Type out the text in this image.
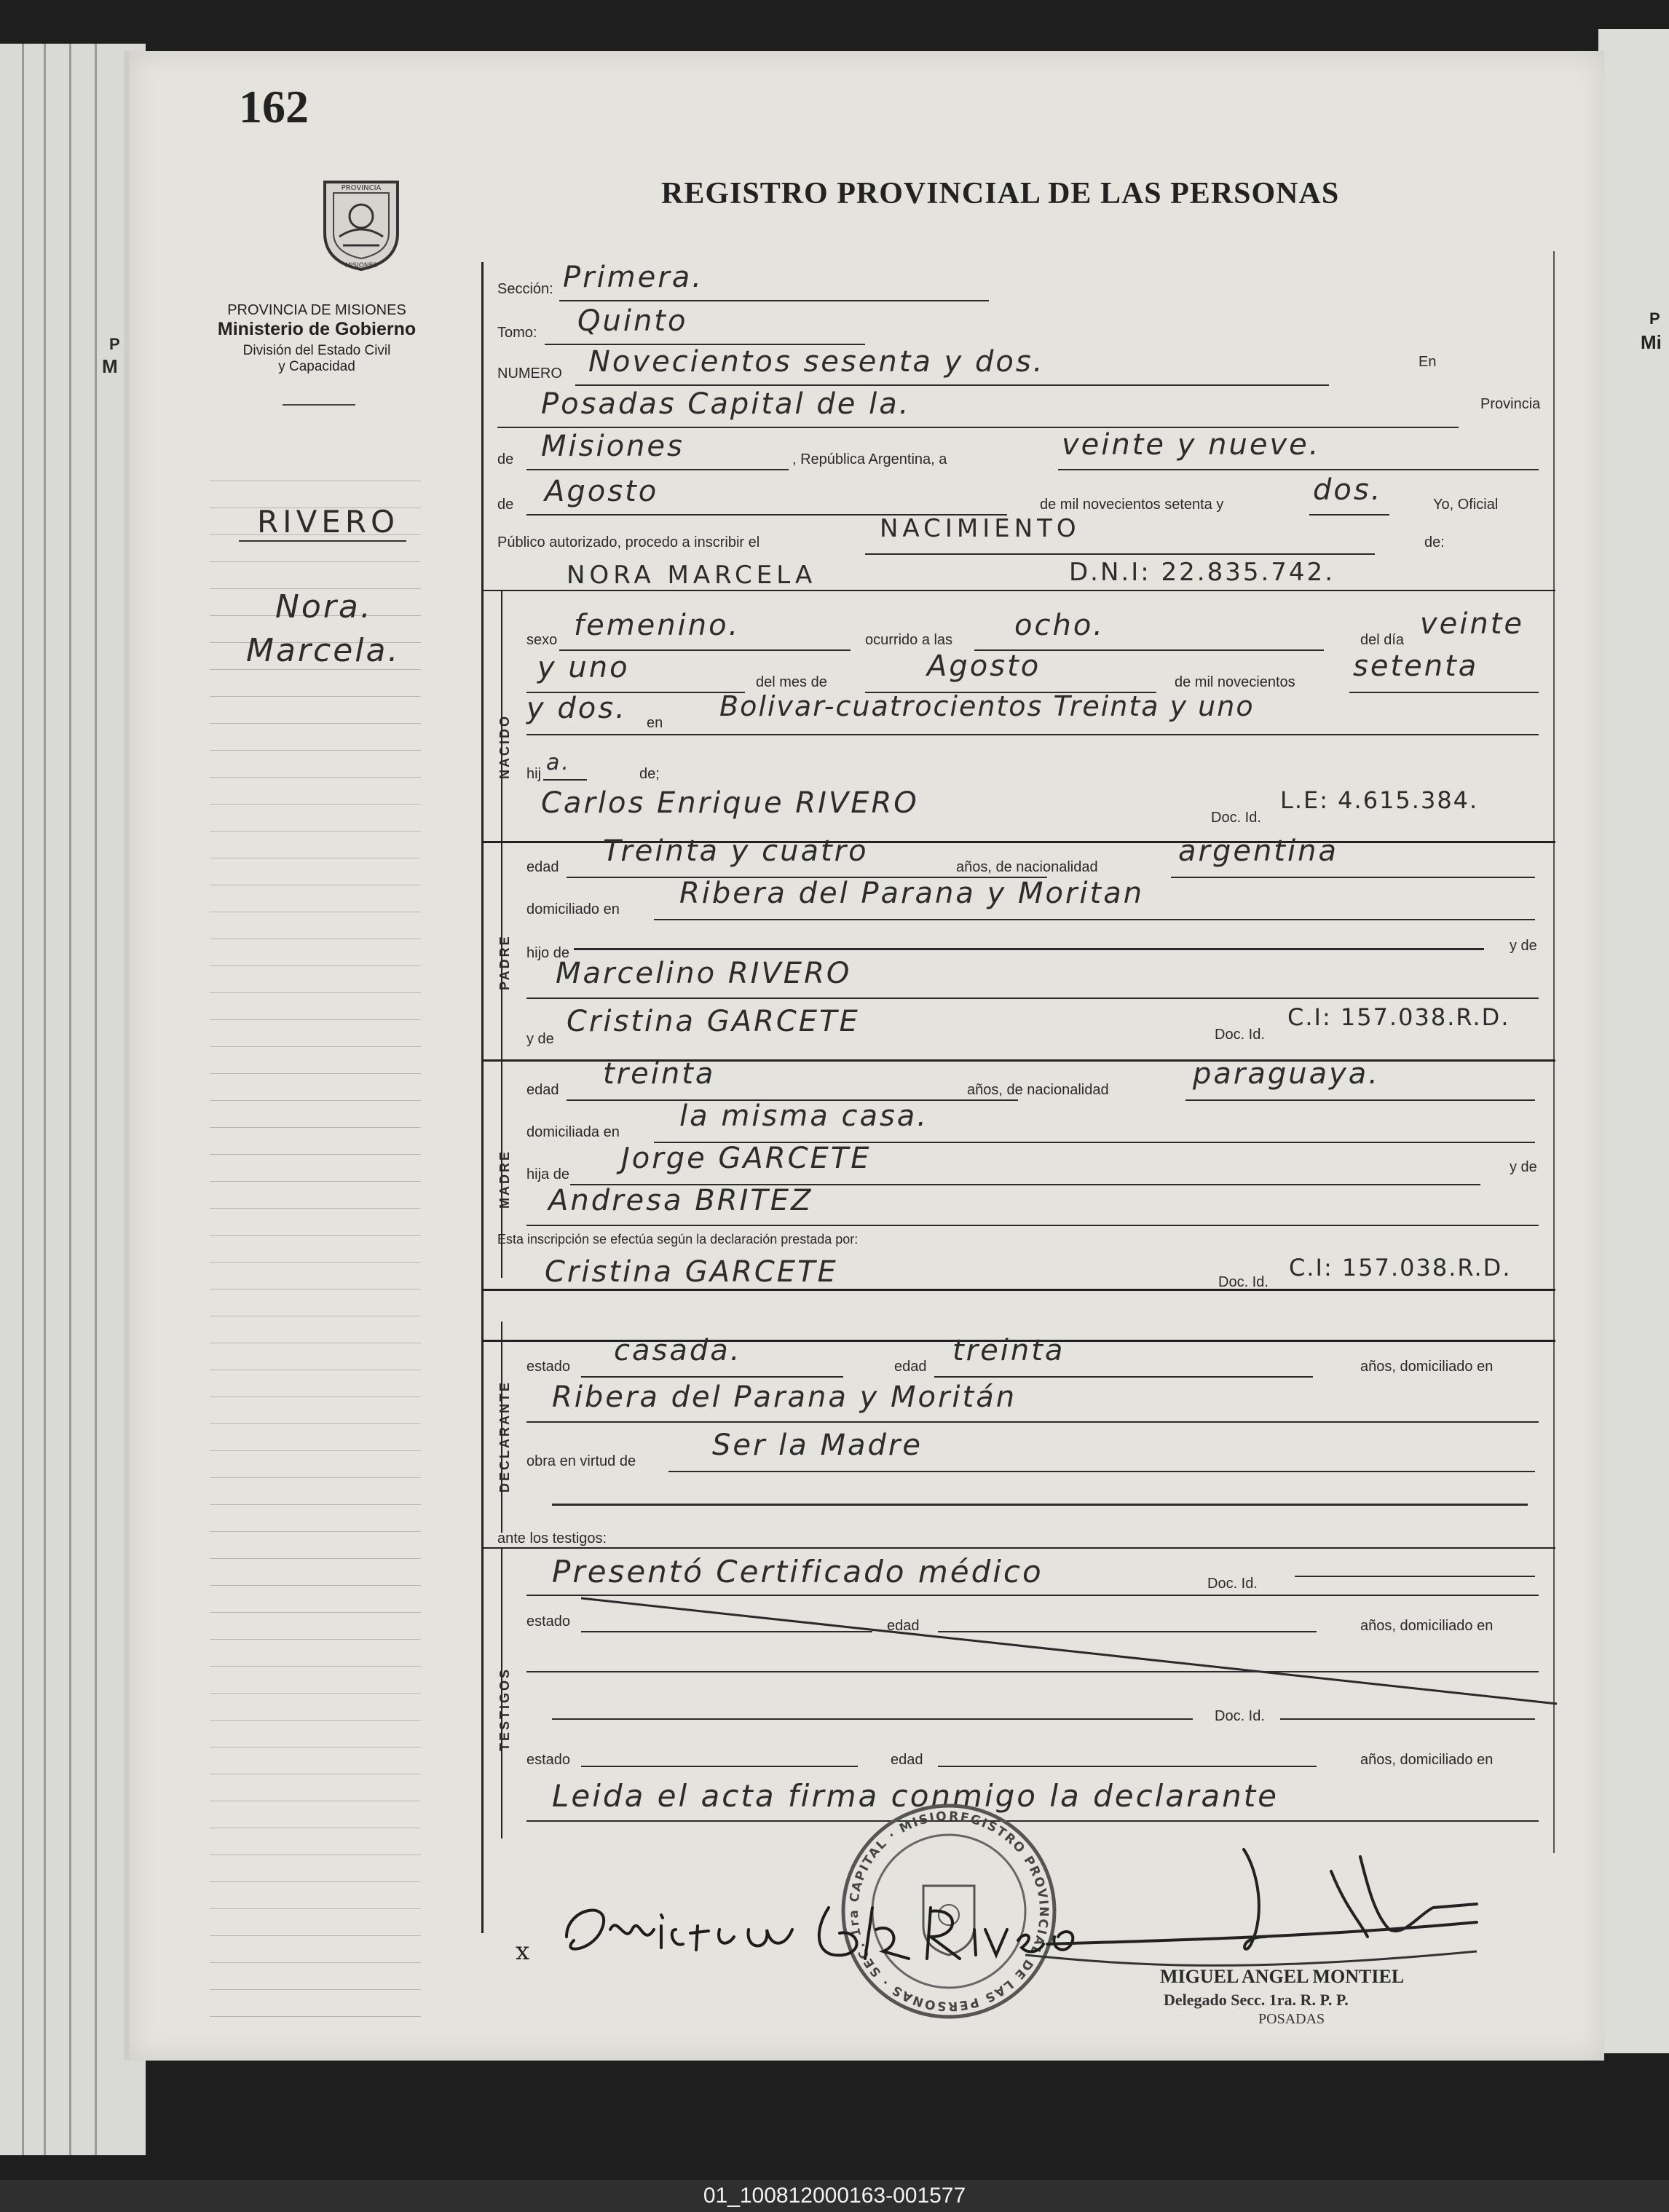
P
M
P
Mi
162
REGISTRO PROVINCIAL DE LAS PERSONAS
PROVINCIA
MISIONES
PROVINCIA DE MISIONES
Ministerio de Gobierno
División del Estado Civil
y Capacidad
RIVERO
Nora.
Marcela.
NACIDO
PADRE
MADRE
DECLARANTE
TESTIGOS
Sección: Primera.
Tomo: Quinto
NUMERO Novecientos sesenta y dos.	En
Posadas Capital de la.	Provincia
de Misiones	, República Argentina, a	veinte y nueve.
de Agosto	de mil novecientos setenta y	dos.	Yo, Oficial
Público autorizado, procedo a inscribir el	NACIMIENTO	de:
NORA MARCELA	D.N.I: 22.835.742.
sexo femenino.	ocurrido a las ocho.	del día veinte
y uno	del mes de	Agosto	de mil novecientos setenta
y dos. en
Bolivar-cuatrocientos Treinta y uno
hij a.	de;
Carlos Enrique RIVERO	Doc. Id.
L.E: 4.615.384.
edad Treinta y cuatro	años, de nacionalidad	argentina
domiciliado en Ribera del Parana y Moritan
hijo de	y de
Marcelino RIVERO
y de
Cristina GARCETE	Doc. Id.
C.I: 157.038.R.D.
edad treinta	años, de nacionalidad	paraguaya.
domiciliada en la misma casa.
hija de Jorge GARCETE	y de
Andresa BRITEZ
Esta inscripción se efectúa según la declaración prestada por:
Cristina GARCETE	Doc. Id.
C.I: 157.038.R.D.
estado casada.	edad treinta	años, domiciliado en
Ribera del Parana y Moritán
obra en virtud de	Ser la Madre
ante los testigos:
Presentó Certificado médico	Doc. Id.
estado	edad	años, domiciliado en
Doc. Id.
estado	edad	años, domiciliado en
Leida el acta firma conmigo la declarante
REGISTRO PROVINCIAL DE LAS PERSONAS · SEC. 1ra CAPITAL · MISIO
x
MIGUEL ANGEL MONTIEL
Delegado Secc. 1ra. R. P. P.
POSADAS
01_100812000163-001577
